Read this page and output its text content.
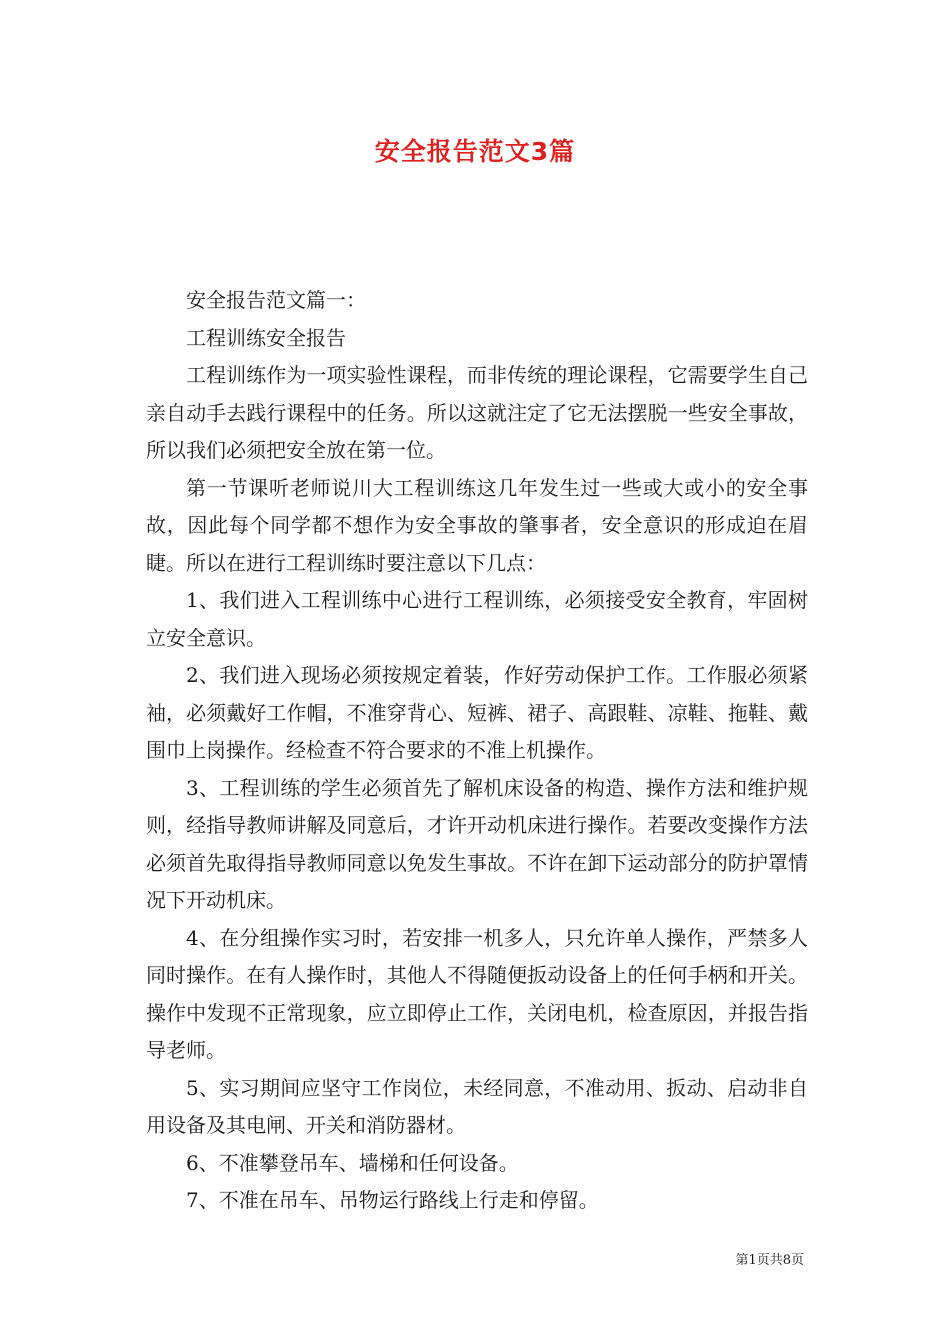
安全报告范文3篇

安全报告范文篇一：

工程训练安全报告

工程训练作为一项实验性课程，而非传统的理论课程，它需要学生自己亲自动手去践行课程中的任务。所以这就注定了它无法摆脱一些安全事故，所以我们必须把安全放在第一位。

第一节课听老师说川大工程训练这几年发生过一些或大或小的安全事故，因此每个同学都不想作为安全事故的肇事者，安全意识的形成迫在眉睫。所以在进行工程训练时要注意以下几点：

1、我们进入工程训练中心进行工程训练，必须接受安全教育，牢固树立安全意识。

2、我们进入现场必须按规定着装，作好劳动保护工作。工作服必须紧袖，必须戴好工作帽，不准穿背心、短裤、裙子、高跟鞋、凉鞋、拖鞋、戴围巾上岗操作。经检查不符合要求的不准上机操作。

3、工程训练的学生必须首先了解机床设备的构造、操作方法和维护规则，经指导教师讲解及同意后，才许开动机床进行操作。若要改变操作方法必须首先取得指导教师同意以免发生事故。不许在卸下运动部分的防护罩情况下开动机床。

4、在分组操作实习时，若安排一机多人，只允许单人操作，严禁多人同时操作。在有人操作时，其他人不得随便扳动设备上的任何手柄和开关。操作中发现不正常现象，应立即停止工作，关闭电机，检查原因，并报告指导老师。

5、实习期间应坚守工作岗位，未经同意，不准动用、扳动、启动非自用设备及其电闸、开关和消防器材。

6、不准攀登吊车、墙梯和任何设备。

7、不准在吊车、吊物运行路线上行走和停留。

第1页共8页
